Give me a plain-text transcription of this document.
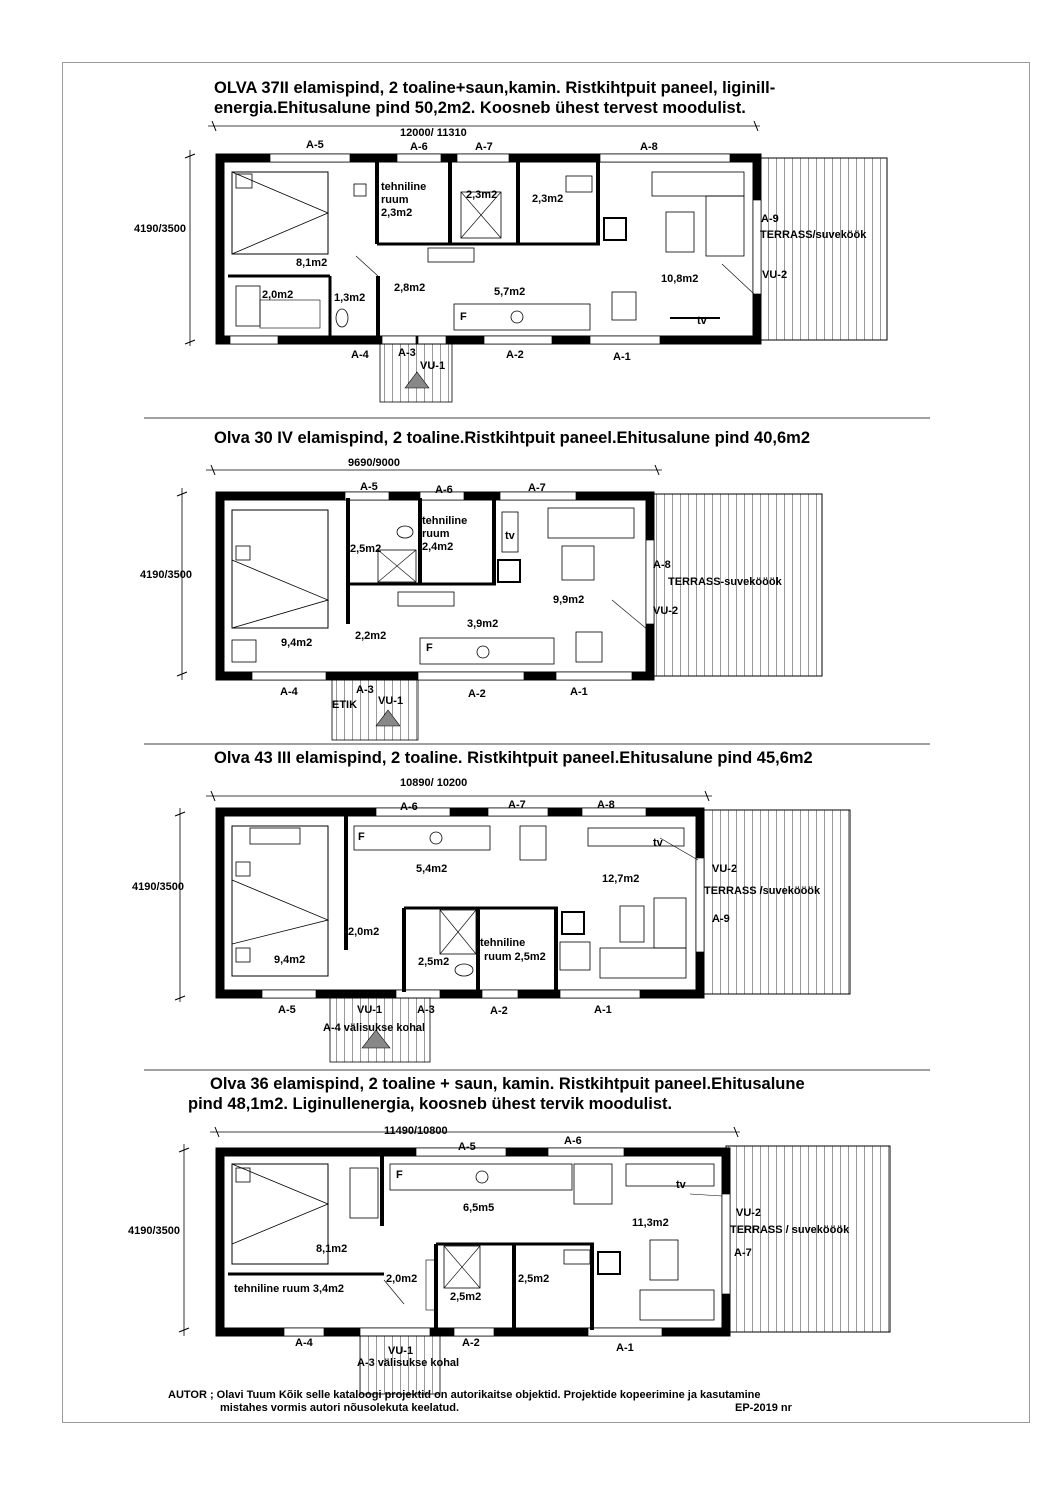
OLVA 37II elamispind, 2 toaline+saun,kamin. Ristkihtpuit paneel, liginill-
energia.Ehitusalune pind 50,2m2. Koosneb ühest tervest moodulist.
Olva 30 IV elamispind, 2 toaline.Ristkihtpuit paneel.Ehitusalune pind 40,6m2
Olva 43 III elamispind, 2 toaline. Ristkihtpuit paneel.Ehitusalune pind 45,6m2
Olva 36 elamispind, 2 toaline + saun, kamin. Ristkihtpuit paneel.Ehitusalune
pind 48,1m2. Liginullenergia, koosneb ühest tervik moodulist.
12000/ 11310
4190/3500
A-5	A-6	A-7	A-8
A-9
A-4	A-3	A-2	A-1
VU-1
VU-2
tehniline
ruum
2,3m2
2,3m2	2,3m2
8,1m2
2,0m2	1,3m2
2,8m2	5,7m2
10,8m2
F	tv
TERRASS/suveköök
9690/9000
4190/3500
A-5	A-6	A-7
A-8
A-4	A-3	A-2	A-1
VU-1
VU-2
tehniline
ruum
2,4m2
2,5m2
9,9m2
3,9m2
2,2m2
9,4m2
tv
F
ETIK
TERRASS-suvekööök
10890/ 10200
4190/3500
A-6	A-7	A-8
A-5	A-3	A-2	A-1
A-9
VU-1
VU-2
5,4m2
12,7m2
2,0m2
9,4m2	2,5m2
tehniline
ruum 2,5m2
F	tv
TERRASS /suvekööök
A-4 välisukse kohal
11490/10800
4190/3500
A-5	A-6
A-4	A-2	A-1
A-7
VU-1
VU-2
6,5m5
11,3m2
8,1m2
2,0m2
2,5m2
2,5m2
tehniline ruum 3,4m2
F
tv
TERRASS / suvekööök
A-3 välisukse kohal
AUTOR ; Olavi Tuum Kõik selle kataloogi projektid on autorikaitse objektid. Projektide kopeerimine ja kasutamine
mistahes vormis autori nõusolekuta keelatud.	EP-2019 nr
